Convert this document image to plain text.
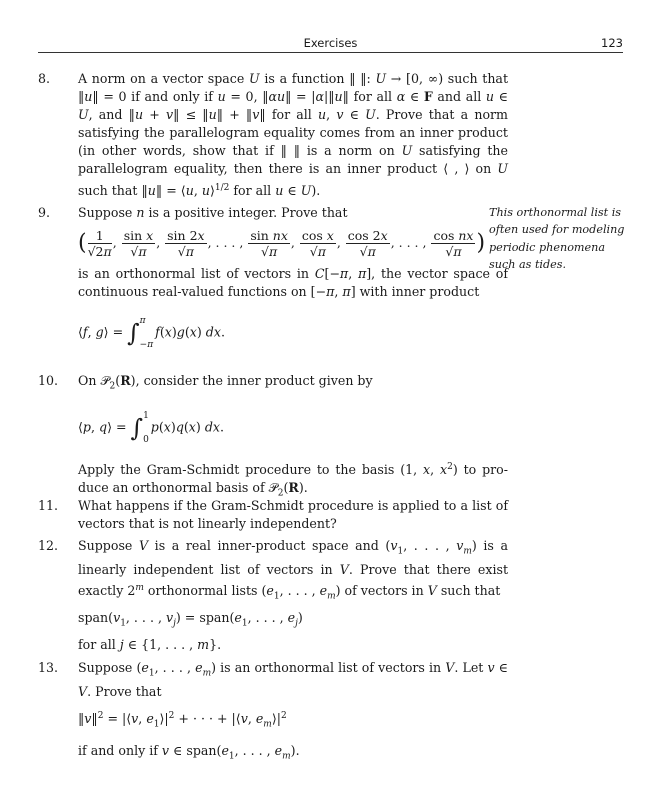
Exercises	123
8.	A norm on a vector space U is a function ‖ ‖: U → [0, ∞) such that ‖u‖ = 0 if and only if u = 0, ‖αu‖ = |α|‖u‖ for all α ∈ F and all u ∈ U, and ‖u + v‖ ≤ ‖u‖ + ‖v‖ for all u, v ∈ U. Prove that a norm satisfying the parallelogram equality comes from an inner product (in other words, show that if ‖ ‖ is a norm on U satisfying the parallelogram equality, then there is an inner product ⟨ , ⟩ on U such that ‖u‖ = ⟨u, u⟩$^{1/2}$ for all u ∈ U).

9.	Suppose n is a positive integer. Prove that

( $\frac{1}{√2\pi}$ , $\frac{\text{sin x}}{√\pi}$ , $\frac{\sin 2x}{√\pi}$ , . . . , $\frac{\text{sin nx}}{√\pi}$ , $\frac{\text{cos x}}{√\pi}$ , $\frac{\cos 2x}{√\pi}$ , . . . , $\frac{\text{cos nx}}{√\pi}$ )

is an orthonormal list of vectors in C[−π, π], the vector space of continuous real-valued functions on [−π, π] with inner product

⟨f, g⟩ = ∫π
−πf(x)g(x) dx.

This orthonormal list is often used for modeling periodic phenomena such as tides.
10.	On 𝒫$_2$(R), consider the inner product given by

⟨p, q⟩ = ∫1
0p(x)q(x) dx.

Apply the Gram-Schmidt procedure to the basis (1, x, $x^2$) to pro- duce an orthonormal basis of 𝒫$_2$(R).

11.	What happens if the Gram-Schmidt procedure is applied to a list of vectors that is not linearly independent?

12.	Suppose V is a real inner-product space and ($v_1$, . . . , $v_m$) is a linearly independent list of vectors in V. Prove that there exist exactly 2$^m$ orthonormal lists ($e_1$, . . . , $e_m$) of vectors in V such that

$span(v_1$, . . . , $v_j$) = $span(e_1$, . . . , $e_j$)

for all j ∈ {1, . . . , m}.

13.	Suppose ($e_1$, . . . , $e_m$) is an orthonormal list of vectors in V. Let v ∈ V. Prove that

‖v‖$^2$ = |⟨v, $e_1⟩|^2$ + · · · + |⟨v, $e_m⟩|^2$

if and only if v ∈ $span(e_1$, . . . , $e_m$).
